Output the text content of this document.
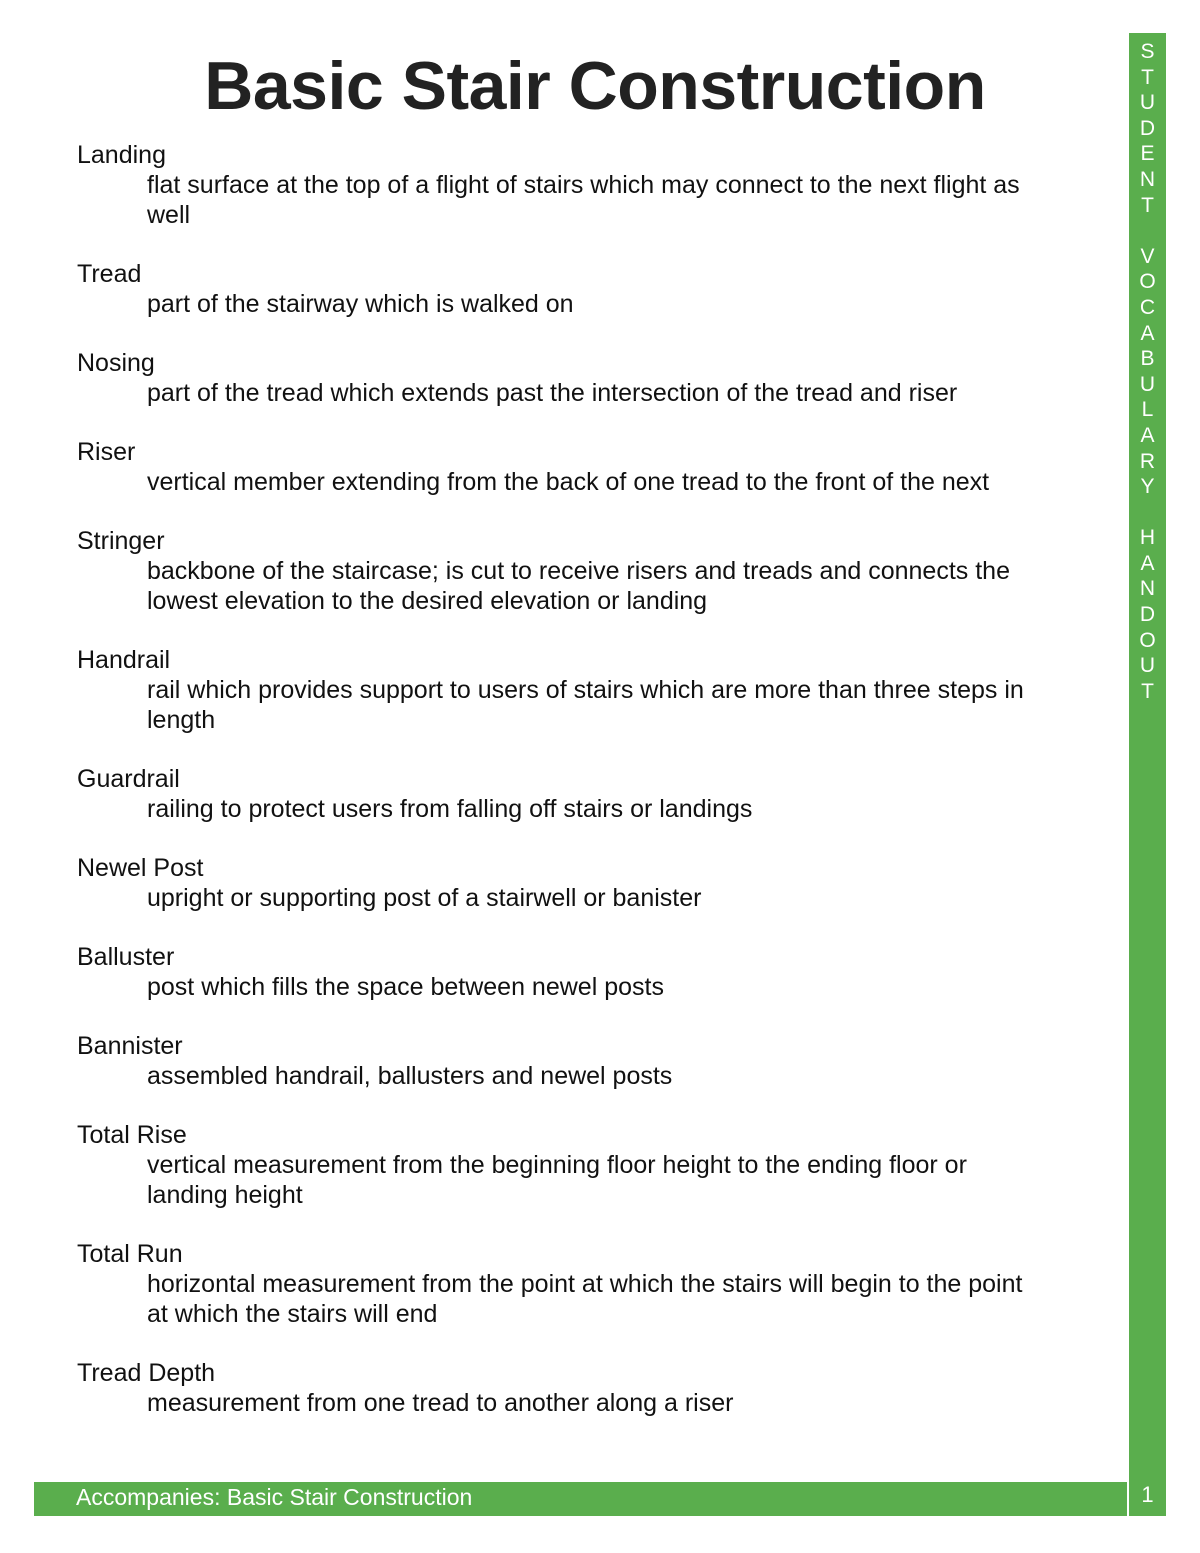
Basic Stair Construction
Landing
flat surface at the top of a flight of stairs which may connect to the next flight as
well
Tread
part of the stairway which is walked on
Nosing
part of the tread which extends past the intersection of the tread and riser
Riser
vertical member extending from the back of one tread to the front of the next
Stringer
backbone of the staircase; is cut to receive risers and treads and connects the
lowest elevation to the desired elevation or landing
Handrail
rail which provides support to users of stairs which are more than three steps in
length
Guardrail
railing to protect users from falling off stairs or landings
Newel Post
upright or supporting post of a stairwell or banister
Balluster
post which fills the space between newel posts
Bannister
assembled handrail, ballusters and newel posts
Total Rise
vertical measurement from the beginning floor height to the ending floor or
landing height
Total Run
horizontal measurement from the point at which the stairs will begin to the point
at which the stairs will end
Tread Depth
measurement from one tread to another along a riser
S
T
U
D
E
N
T

V
O
C
A
B
U
L
A
R
Y

H
A
N
D
O
U
T
1
Accompanies: Basic Stair Construction
